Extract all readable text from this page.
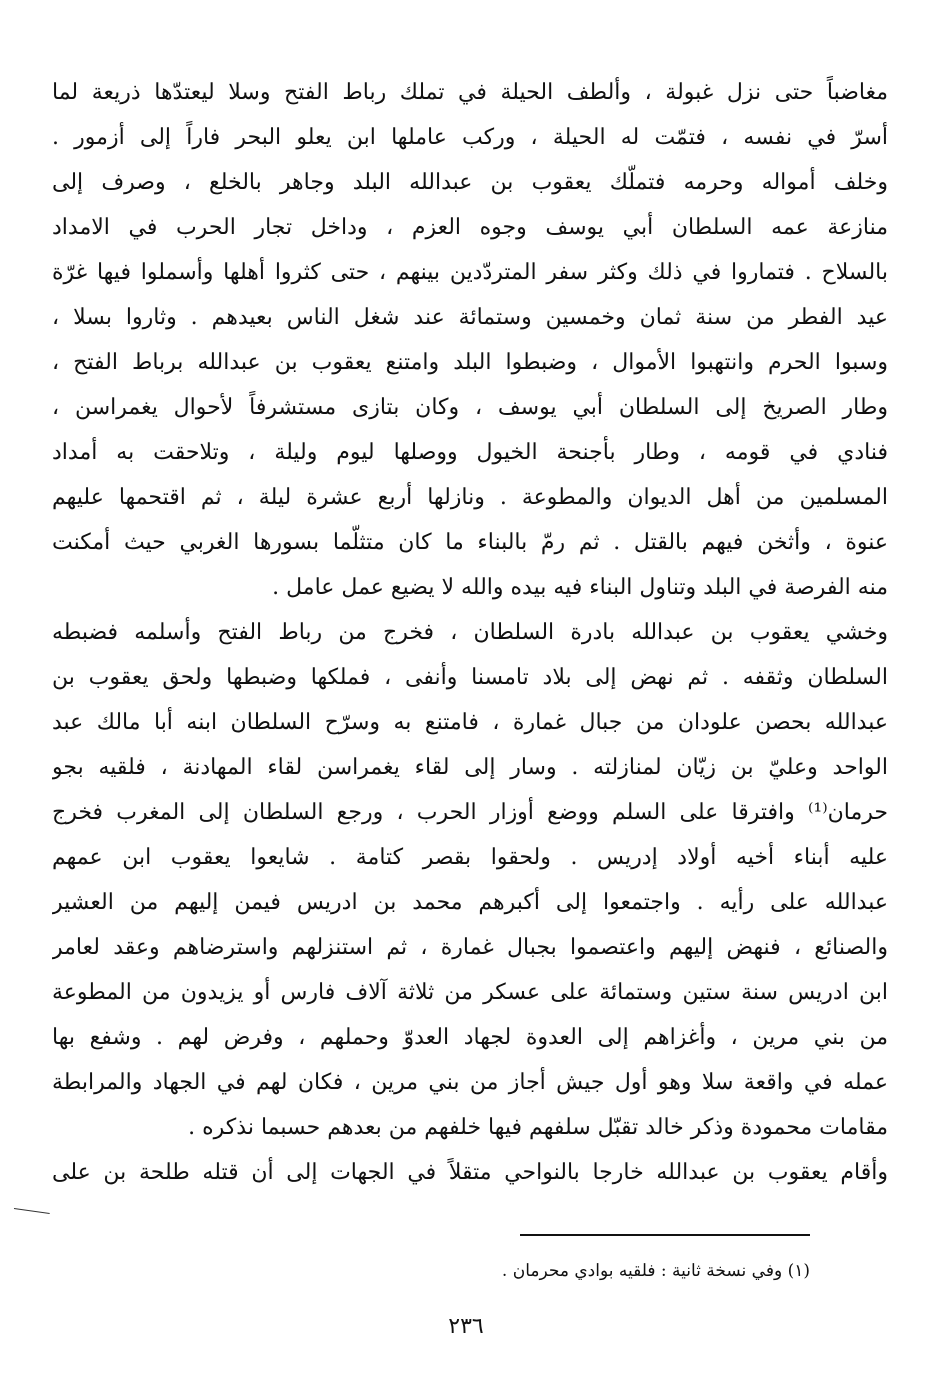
مغاضباً حتى نزل غبولة ، وألطف الحيلة في تملك رباط الفتح وسلا ليعتدّها ذريعة لما
أسرّ في نفسه ، فتمّت له الحيلة ، وركب عاملها ابن يعلو البحر فاراً إلى أزمور .
وخلف أمواله وحرمه فتملّك يعقوب بن عبدالله البلد وجاهر بالخلع ، وصرف إلى
منازعة عمه السلطان أبي يوسف وجوه العزم ، وداخل تجار الحرب في الامداد
بالسلاح . فتماروا في ذلك وكثر سفر المتردّدين بينهم ، حتى كثروا أهلها وأسملوا فيها غرّة
عيد الفطر من سنة ثمان وخمسين وستمائة عند شغل الناس بعيدهم . وثاروا بسلا ،
وسبوا الحرم وانتهبوا الأموال ، وضبطوا البلد وامتنع يعقوب بن عبدالله برباط الفتح ،
وطار الصريخ إلى السلطان أبي يوسف ، وكان بتازى مستشرفاً لأحوال يغمراسن ،
فنادي في قومه ، وطار بأجنحة الخيول ووصلها ليوم وليلة ، وتلاحقت به أمداد
المسلمين من أهل الديوان والمطوعة . ونازلها أربع عشرة ليلة ، ثم اقتحمها عليهم
عنوة ، وأثخن فيهم بالقتل . ثم رمّ بالبناء ما كان متثلّما بسورها الغربي حيث أمكنت
منه الفرصة في البلد وتناول البناء فيه بيده والله لا يضيع عمل عامل .
وخشي يعقوب بن عبدالله بادرة السلطان ، فخرج من رباط الفتح وأسلمه فضبطه
السلطان وثقفه . ثم نهض إلى بلاد تامسنا وأنفى ، فملكها وضبطها ولحق يعقوب بن
عبدالله بحصن علودان من جبال غمارة ، فامتنع به وسرّح السلطان ابنه أبا مالك عبد
الواحد وعليّ بن زيّان لمنازلته . وسار إلى لقاء يغمراسن لقاء المهادنة ، فلقيه بجو
حرمان⁽¹⁾ وافترقا على السلم ووضع أوزار الحرب ، ورجع السلطان إلى المغرب فخرج
عليه أبناء أخيه أولاد إدريس . ولحقوا بقصر كتامة . شايعوا يعقوب ابن عمهم
عبدالله على رأيه . واجتمعوا إلى أكبرهم محمد بن ادريس فيمن إليهم من العشير
والصنائع ، فنهض إليهم واعتصموا بجبال غمارة ، ثم استنزلهم واسترضاهم وعقد لعامر
ابن ادريس سنة ستين وستمائة على عسكر من ثلاثة آلاف فارس أو يزيدون من المطوعة
من بني مرين ، وأغزاهم إلى العدوة لجهاد العدوّ وحملهم ، وفرض لهم . وشفع بها
عمله في واقعة سلا وهو أول جيش أجاز من بني مرين ، فكان لهم في الجهاد والمرابطة
مقامات محمودة وذكر خالد تقبّل سلفهم فيها خلفهم من بعدهم حسبما نذكره .
وأقام يعقوب بن عبدالله خارجا بالنواحي متقلاً في الجهات إلى أن قتله طلحة بن على
(١) وفي نسخة ثانية : فلقيه بوادي محرمان .
٢٣٦
